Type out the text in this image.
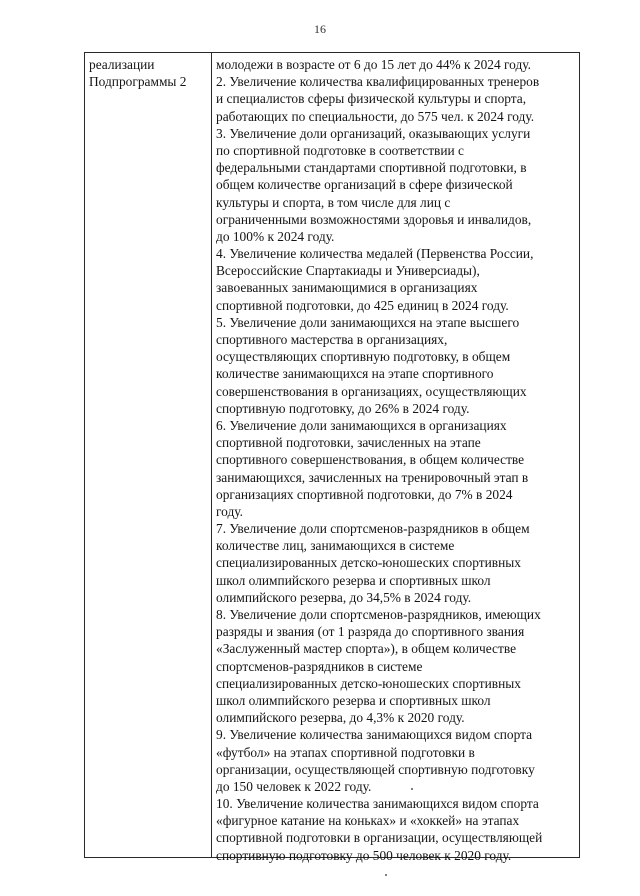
16
реализации
Подпрограммы 2
молодежи в возрасте от 6 до 15 лет до 44% к 2024 году.
2. Увеличение количества квалифицированных тренеров
и специалистов сферы физической культуры и спорта,
работающих по специальности, до 575 чел. к 2024 году.
3. Увеличение доли организаций, оказывающих услуги
по спортивной подготовке в соответствии с
федеральными стандартами спортивной подготовки, в
общем количестве организаций в сфере физической
культуры и спорта, в том числе для лиц с
ограниченными возможностями здоровья и инвалидов,
до 100% к 2024 году.
4. Увеличение количества медалей (Первенства России,
Всероссийские Спартакиады и Универсиады),
завоеванных занимающимися в организациях
спортивной подготовки, до 425 единиц в 2024 году.
5. Увеличение доли занимающихся на этапе высшего
спортивного мастерства в организациях,
осуществляющих спортивную подготовку, в общем
количестве занимающихся на этапе спортивного
совершенствования в организациях, осуществляющих
спортивную подготовку, до 26% в 2024 году.
6. Увеличение доли занимающихся в организациях
спортивной подготовки, зачисленных на этапе
спортивного совершенствования, в общем количестве
занимающихся, зачисленных на тренировочный этап в
организациях спортивной подготовки, до 7% в 2024
году.
7. Увеличение доли спортсменов-разрядников в общем
количестве лиц, занимающихся в системе
специализированных детско-юношеских спортивных
школ олимпийского резерва и спортивных школ
олимпийского резерва, до 34,5% в 2024 году.
8. Увеличение доли спортсменов-разрядников, имеющих
разряды и звания (от 1 разряда до спортивного звания
«Заслуженный мастер спорта»), в общем количестве
спортсменов-разрядников в системе
специализированных детско-юношеских спортивных
школ олимпийского резерва и спортивных школ
олимпийского резерва, до 4,3% к 2020 году.
9. Увеличение количества занимающихся видом спорта
«футбол» на этапах спортивной подготовки в
организации, осуществляющей спортивную подготовку
до 150 человек к 2022 году.
10. Увеличение количества занимающихся видом спорта
«фигурное катание на коньках» и «хоккей» на этапах
спортивной подготовки в организации, осуществляющей
спортивную подготовку до 500 человек к 2020 году.
